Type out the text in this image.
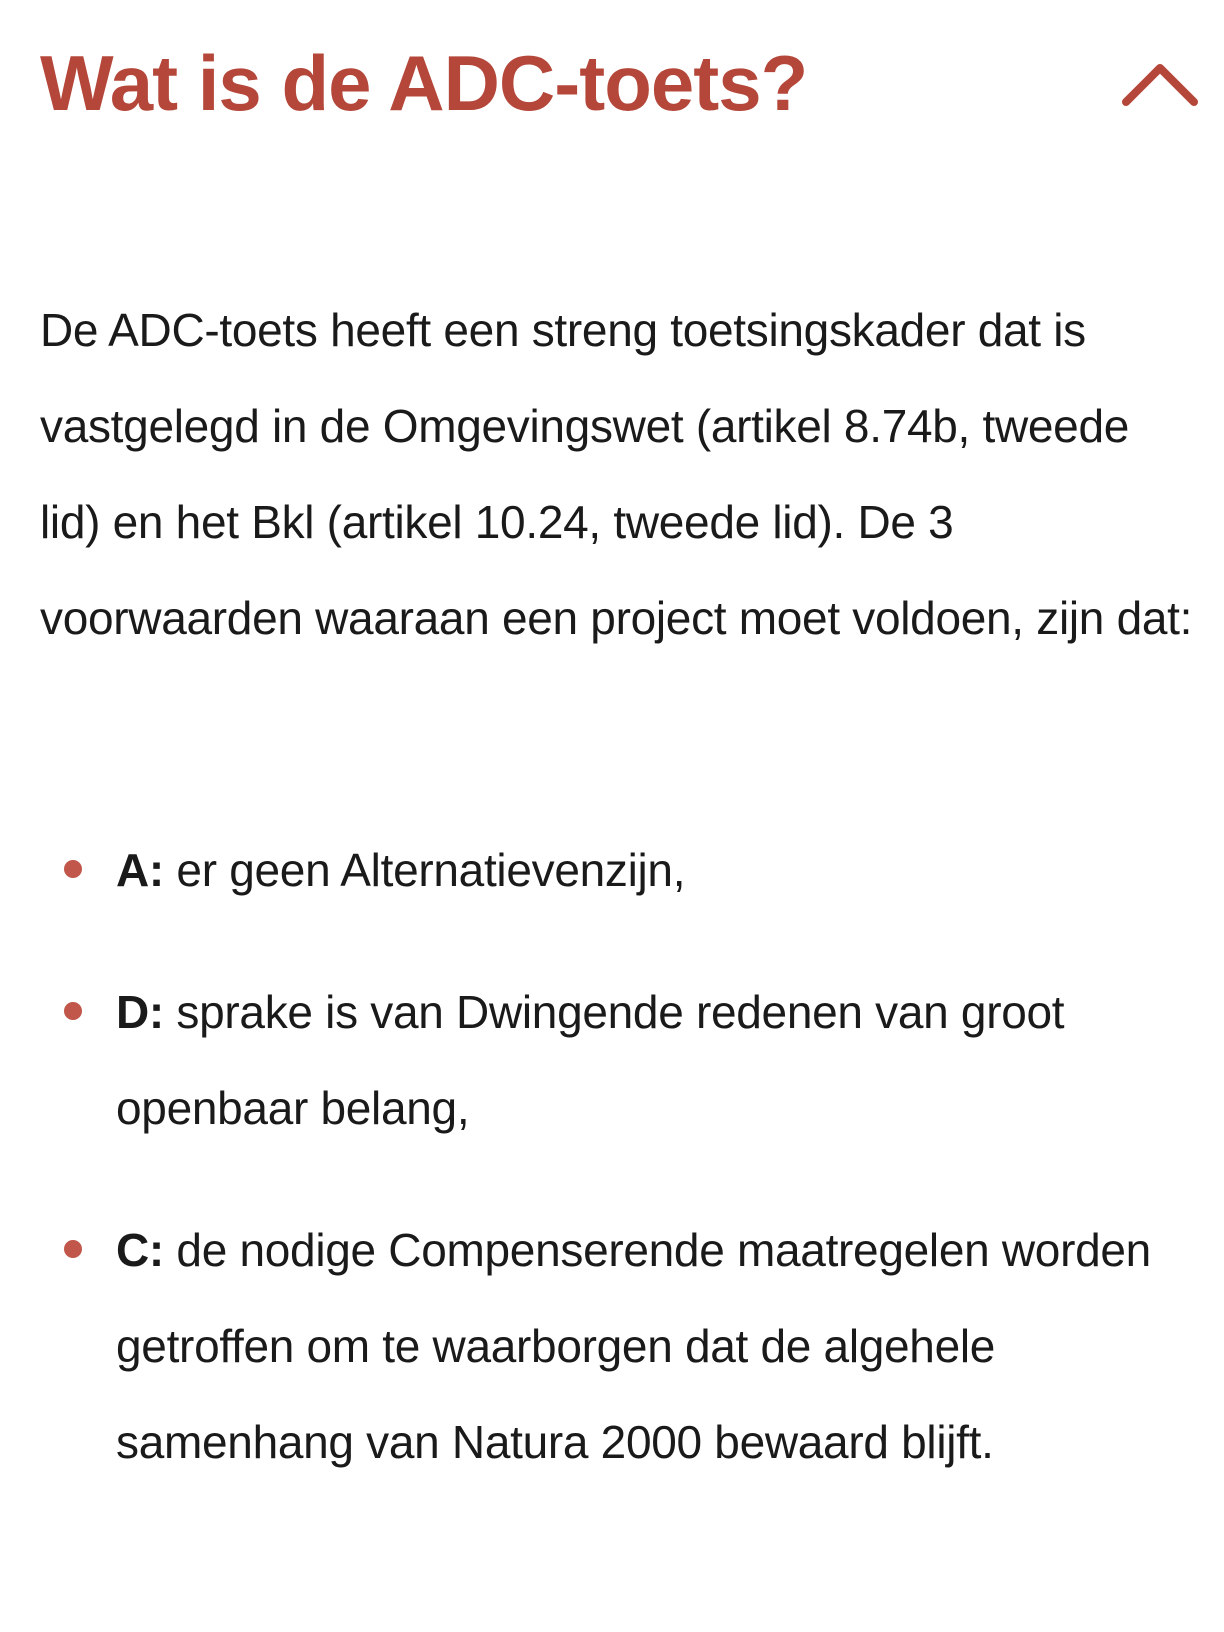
Wat is de ADC-toets?

De ADC-toets heeft een streng toetsingskader dat is vastgelegd in de Omgevingswet (artikel 8.74b, tweede lid) en het Bkl (artikel 10.24, tweede lid). De 3 voorwaarden waaraan een project moet voldoen, zijn dat:

A: er geen Alternatievenzijn,
D: sprake is van Dwingende redenen van groot openbaar belang,
C: de nodige Compenserende maatregelen worden getroffen om te waarborgen dat de algehele samenhang van Natura 2000 bewaard blijft.
